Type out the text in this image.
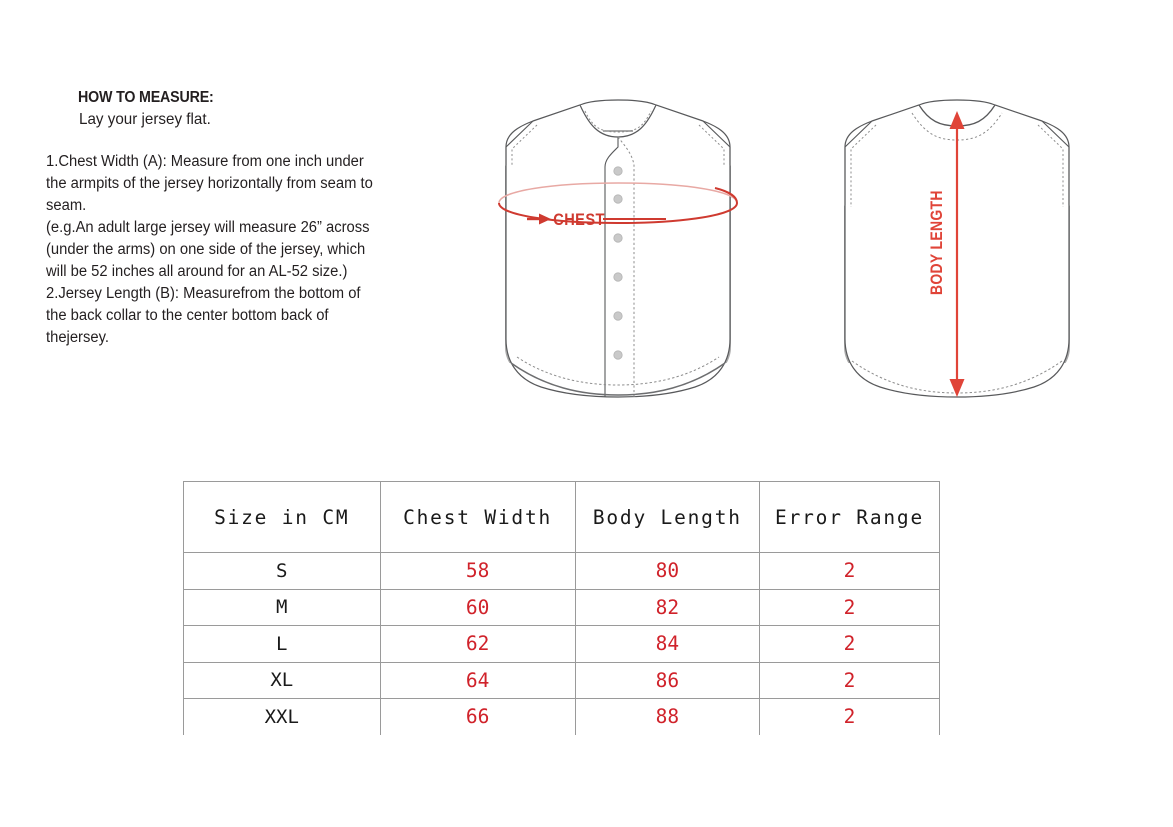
HOW TO MEASURE:
Lay your jersey flat.

1.Chest Width (A): Measure from one inch under

the armpits of the jersey horizontally from seam to

seam.

(e.g.An adult large jersey will measure 26” across

(under the arms) on one side of the jersey, which

will be 52 inches all around for an AL-52 size.)

2.Jersey Length (B): Measurefrom the bottom of

the back collar to the center bottom back of

thejersey.

CHEST	BODY LENGTH
Size in CM	Chest Width	Body Length	Error Range
S	58	80	2
M	60	82	2
L	62	84	2
XL	64	86	2
XXL	66	88	2
